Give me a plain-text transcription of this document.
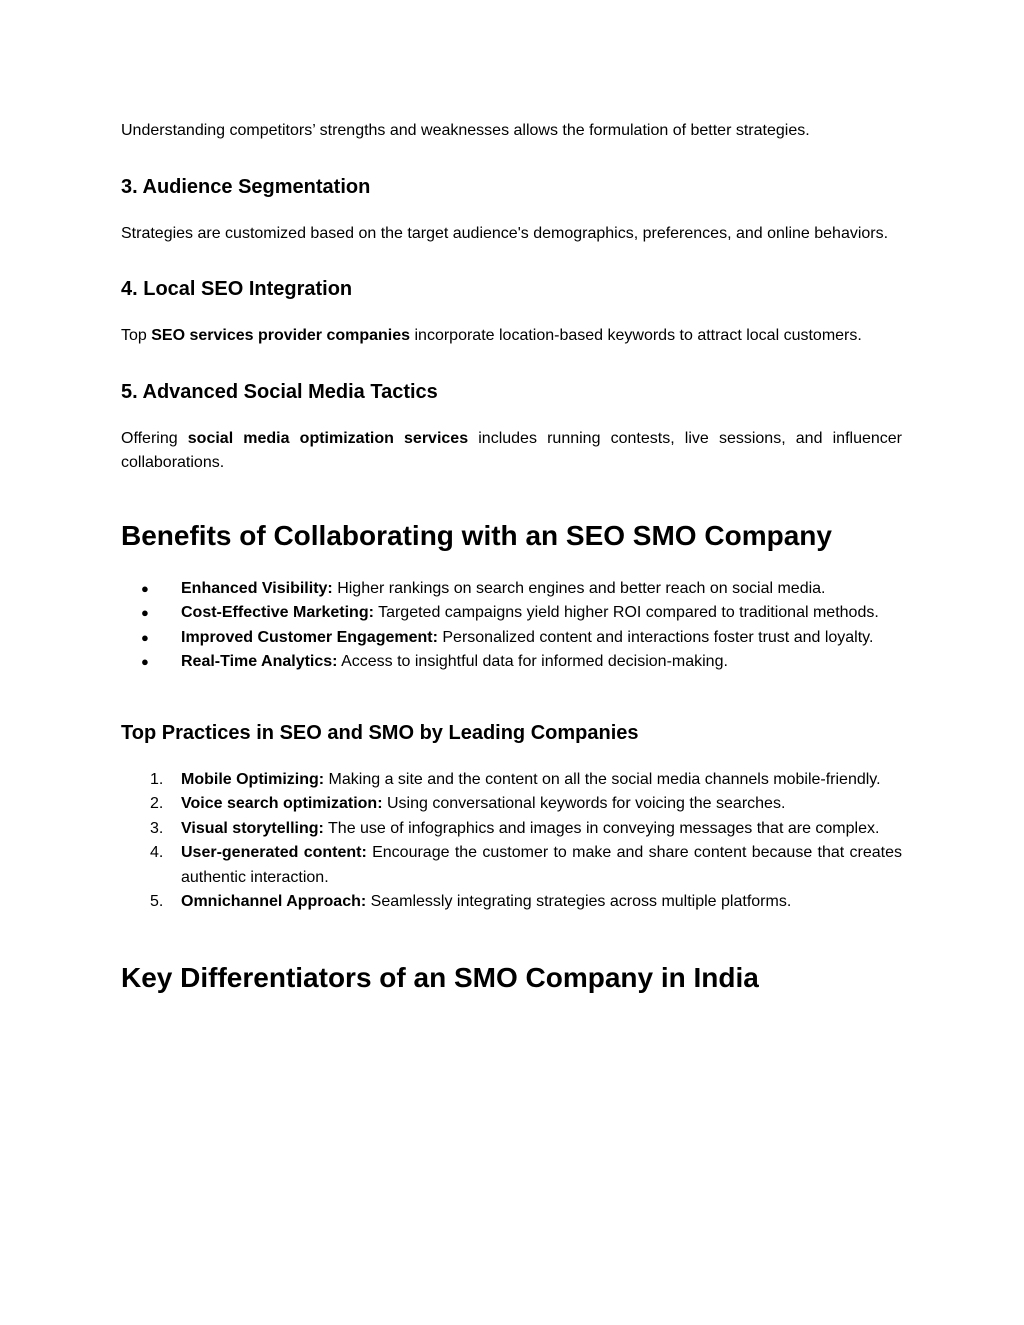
Understanding competitors’ strengths and weaknesses allows the formulation of better strategies.

3. Audience Segmentation

Strategies are customized based on the target audience's demographics, preferences, and online behaviors.

4. Local SEO Integration

Top SEO services provider companies incorporate location-based keywords to attract local customers.

5. Advanced Social Media Tactics

Offering social media optimization services includes running contests, live sessions, and influencer collaborations.

Benefits of Collaborating with an SEO SMO Company
● Enhanced Visibility: Higher rankings on search engines and better reach on social media.
● Cost-Effective Marketing: Targeted campaigns yield higher ROI compared to traditional methods.
● Improved Customer Engagement: Personalized content and interactions foster trust and loyalty.
● Real-Time Analytics: Access to insightful data for informed decision-making.
Top Practices in SEO and SMO by Leading Companies
1. Mobile Optimizing: Making a site and the content on all the social media channels mobile-friendly.
2. Voice search optimization: Using conversational keywords for voicing the searches.
3. Visual storytelling: The use of infographics and images in conveying messages that are complex.
4. User-generated content: Encourage the customer to make and share content because that creates authentic interaction.
5. Omnichannel Approach: Seamlessly integrating strategies across multiple platforms.
Key Differentiators of an SMO Company in India
